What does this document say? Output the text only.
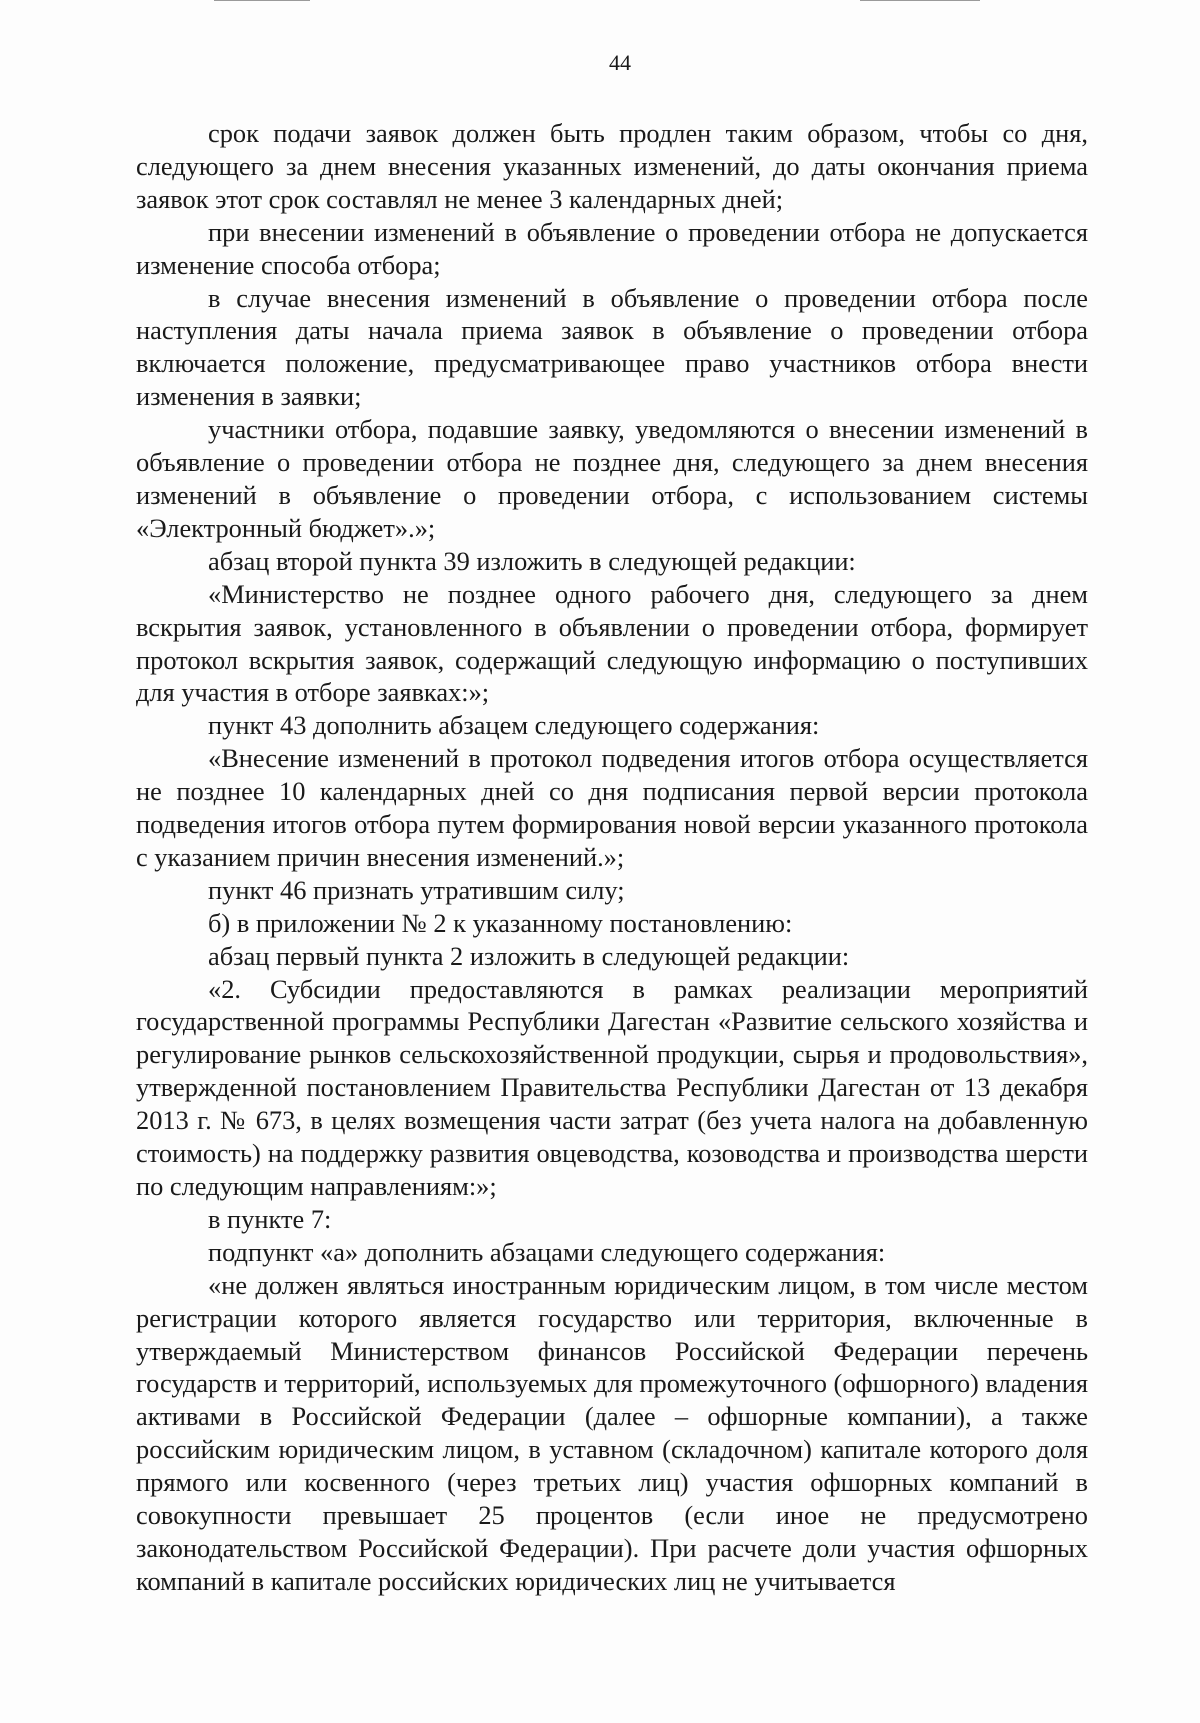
44

срок подачи заявок должен быть продлен таким образом, чтобы со дня, следующего за днем внесения указанных изменений, до даты окончания приема заявок этот срок составлял не менее 3 календарных дней;

при внесении изменений в объявление о проведении отбора не допускается изменение способа отбора;

в случае внесения изменений в объявление о проведении отбора после наступления даты начала приема заявок в объявление о проведении отбора включается положение, предусматривающее право участников отбора внести изменения в заявки;

участники отбора, подавшие заявку, уведомляются о внесении изменений в объявление о проведении отбора не позднее дня, следующего за днем внесения изменений в объявление о проведении отбора, с использованием системы «Электронный бюджет».»;

абзац второй пункта 39 изложить в следующей редакции:

«Министерство не позднее одного рабочего дня, следующего за днем вскрытия заявок, установленного в объявлении о проведении отбора, формирует протокол вскрытия заявок, содержащий следующую информацию о поступивших для участия в отборе заявках:»;

пункт 43 дополнить абзацем следующего содержания:

«Внесение изменений в протокол подведения итогов отбора осуществляется не позднее 10 календарных дней со дня подписания первой версии протокола подведения итогов отбора путем формирования новой версии указанного протокола с указанием причин внесения изменений.»;

пункт 46 признать утратившим силу;

б) в приложении № 2 к указанному постановлению:

абзац первый пункта 2 изложить в следующей редакции:

«2. Субсидии предоставляются в рамках реализации мероприятий государственной программы Республики Дагестан «Развитие сельского хозяйства и регулирование рынков сельскохозяйственной продукции, сырья и продовольствия», утвержденной постановлением Правительства Республики Дагестан от 13 декабря 2013 г. № 673, в целях возмещения части затрат (без учета налога на добавленную стоимость) на поддержку развития овцеводства, козоводства и производства шерсти по следующим направлениям:»;

в пункте 7:

подпункт «а» дополнить абзацами следующего содержания:

«не должен являться иностранным юридическим лицом, в том числе местом регистрации которого является государство или территория, включенные в утверждаемый Министерством финансов Российской Федерации перечень государств и территорий, используемых для промежуточного (офшорного) владения активами в Российской Федерации (далее – офшорные компании), а также российским юридическим лицом, в уставном (складочном) капитале которого доля прямого или косвенного (через третьих лиц) участия офшорных компаний в совокупности превышает 25 процентов (если иное не предусмотрено законодательством Российской Федерации). При расчете доли участия офшорных компаний в капитале российских юридических лиц не учитывается
